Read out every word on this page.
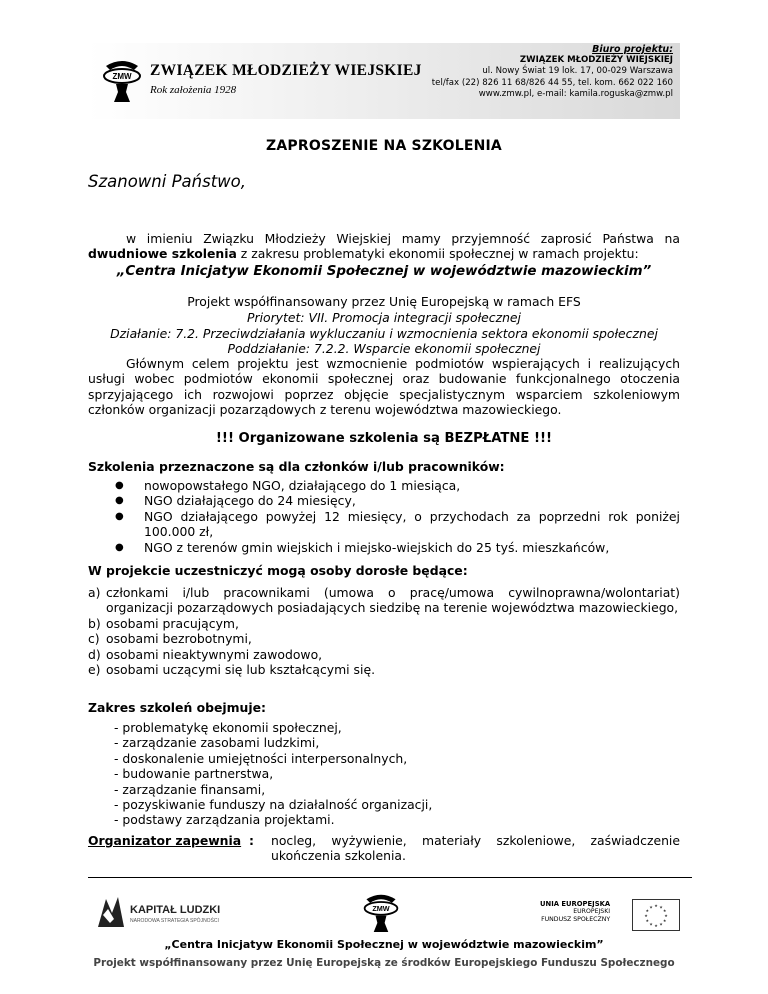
ZMW ZWIĄZEK MŁODZIEŻY WIEJSKIEJ
Rok założenia 1928
Biuro projektu:
ZWIĄZEK MŁODZIEŻY WIEJSKIEJ
ul. Nowy Świat 19 lok. 17, 00-029 Warszawa
tel/fax (22) 826 11 68/826 44 55, tel. kom. 662 022 160
www.zmw.pl, e-mail: kamila.roguska@zmw.pl
ZAPROSZENIE NA SZKOLENIA
Szanowni Państwo,
w imieniu Związku Młodzieży Wiejskiej mamy przyjemność zaprosić Państwa na dwudniowe szkolenia z zakresu problematyki ekonomii społecznej w ramach projektu:
„Centra Inicjatyw Ekonomii Społecznej w województwie mazowieckim”
Projekt współfinansowany przez Unię Europejską w ramach EFS
Priorytet: VII. Promocja integracji społecznej
Działanie: 7.2. Przeciwdziałania wykluczaniu i wzmocnienia sektora ekonomii społecznej
Poddziałanie: 7.2.2. Wsparcie ekonomii społecznej
Głównym celem projektu jest wzmocnienie podmiotów wspierających i realizujących usługi wobec podmiotów ekonomii społecznej oraz budowanie funkcjonalnego otoczenia sprzyjającego ich rozwojowi poprzez objęcie specjalistycznym wsparciem szkoleniowym członków organizacji pozarządowych z terenu województwa mazowieckiego.
!!! Organizowane szkolenia są BEZPŁATNE !!!
Szkolenia przeznaczone są dla członków i/lub pracowników:
● nowopowstałego NGO, działającego do 1 miesiąca,
● NGO działającego do 24 miesięcy,
● NGO działającego powyżej 12 miesięcy, o przychodach za poprzedni rok poniżej 100.000 zł,
● NGO z terenów gmin wiejskich i miejsko-wiejskich do 25 tyś. mieszkańców,
W projekcie uczestniczyć mogą osoby dorosłe będące:
a) członkami i/lub pracownikami (umowa o pracę/umowa cywilnoprawna/wolontariat) organizacji pozarządowych posiadających siedzibę na terenie województwa mazowieckiego,
b) osobami pracującym,
c) osobami bezrobotnymi,
d) osobami nieaktywnymi zawodowo,
e) osobami uczącymi się lub kształcącymi się.
Zakres szkoleń obejmuje:
- problematykę ekonomii społecznej,
- zarządzanie zasobami ludzkimi,
- doskonalenie umiejętności interpersonalnych,
- budowanie partnerstwa,
- zarządzanie finansami,
- pozyskiwanie funduszy na działalność organizacji,
- podstawy zarządzania projektami.
Organizator zapewnia : nocleg, wyżywienie, materiały szkoleniowe, zaświadczenie ukończenia szkolenia.
KAPITAŁ LUDZKI
NARODOWA STRATEGIA SPÓJNOŚCI
ZMW
UNIA EUROPEJSKA
EUROPEJSKI
FUNDUSZ SPOŁECZNY
★
★
★
★
★
★
★
★
★ ★ ★
★
„Centra Inicjatyw Ekonomii Społecznej w województwie mazowieckim”
Projekt współfinansowany przez Unię Europejską ze środków Europejskiego Funduszu Społecznego
